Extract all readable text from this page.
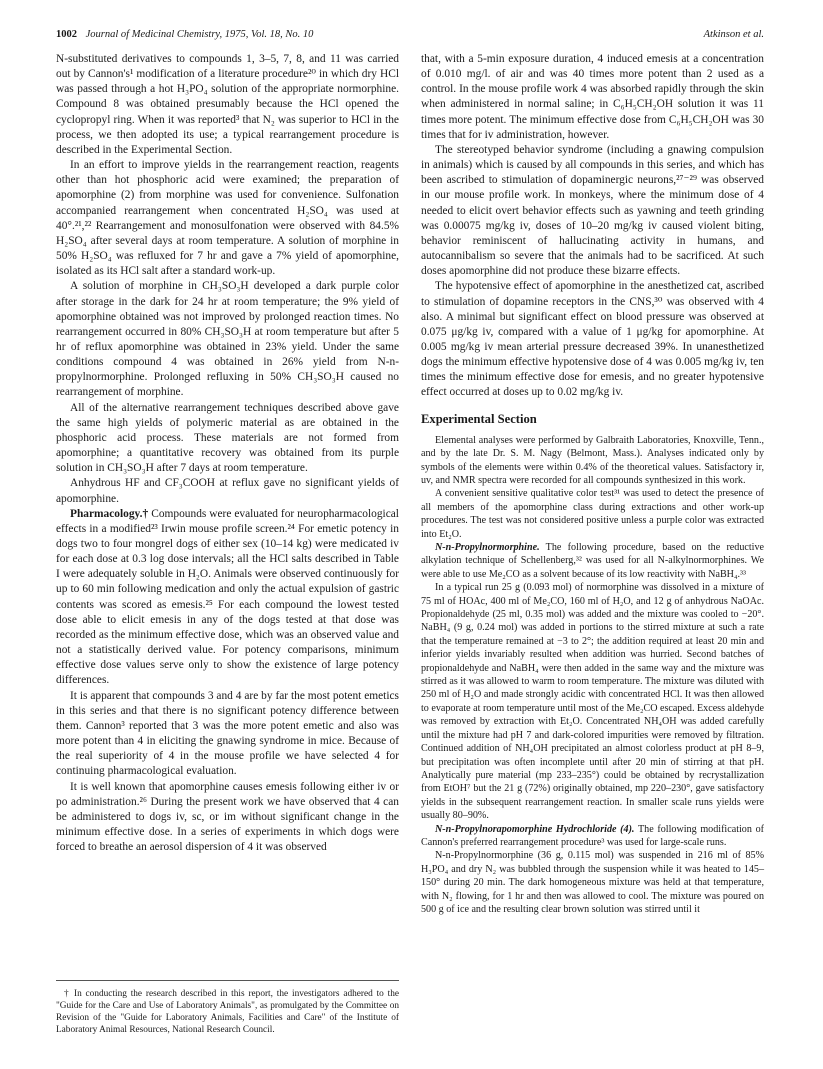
1002 Journal of Medicinal Chemistry, 1975, Vol. 18, No. 10	Atkinson et al.

N-substituted derivatives to compounds 1, 3–5, 7, 8, and 11 was carried out by Cannon's¹ modification of a literature procedure²⁰ in which dry HCl was passed through a hot H₃PO₄ solution of the appropriate normorphine. Compound 8 was obtained presumably because the HCl opened the cyclopropyl ring. When it was reported³ that N₂ was superior to HCl in the process, we then adopted its use; a typical rearrangement procedure is described in the Experimental Section.

In an effort to improve yields in the rearrangement reaction, reagents other than hot phosphoric acid were examined; the preparation of apomorphine (2) from morphine was used for convenience. Sulfonation accompanied rearrangement when concentrated H₂SO₄ was used at 40°.²¹,²² Rearrangement and monosulfonation were observed with 84.5% H₂SO₄ after several days at room temperature. A solution of morphine in 50% H₂SO₄ was refluxed for 7 hr and gave a 7% yield of apomorphine, isolated as its HCl salt after a standard work-up.

A solution of morphine in CH₃SO₃H developed a dark purple color after storage in the dark for 24 hr at room temperature; the 9% yield of apomorphine obtained was not improved by prolonged reaction times. No rearrangement occurred in 80% CH₃SO₃H at room temperature but after 5 hr of reflux apomorphine was obtained in 23% yield. Under the same conditions compound 4 was obtained in 26% yield from N-n-propylnormorphine. Prolonged refluxing in 50% CH₃SO₃H caused no rearrangement of morphine.

All of the alternative rearrangement techniques described above gave the same high yields of polymeric material as are obtained in the phosphoric acid process. These materials are not formed from apomorphine; a quantitative recovery was obtained from its purple solution in CH₃SO₃H after 7 days at room temperature.

Anhydrous HF and CF₃COOH at reflux gave no significant yields of apomorphine.

Pharmacology.† Compounds were evaluated for neuropharmacological effects in a modified²³ Irwin mouse profile screen.²⁴ For emetic potency in dogs two to four mongrel dogs of either sex (10–14 kg) were medicated iv for each dose at 0.3 log dose intervals; all the HCl salts described in Table I were adequately soluble in H₂O. Animals were observed continuously for up to 60 min following medication and only the actual expulsion of gastric contents was scored as emesis.²⁵ For each compound the lowest tested dose able to elicit emesis in any of the dogs tested at that dose was recorded as the minimum effective dose, which was an observed value and not a statistically derived value. For potency comparisons, minimum effective dose values serve only to show the existence of large potency differences.

It is apparent that compounds 3 and 4 are by far the most potent emetics in this series and that there is no significant potency difference between them. Cannon³ reported that 3 was the more potent emetic and also was more potent than 4 in eliciting the gnawing syndrome in mice. Because of the real superiority of 4 in the mouse profile we have selected 4 for continuing pharmacological evaluation.

It is well known that apomorphine causes emesis following either iv or po administration.²⁶ During the present work we have observed that 4 can be administered to dogs iv, sc, or im without significant change in the minimum effective dose. In a series of experiments in which dogs were forced to breathe an aerosol dispersion of 4 it was observed

† In conducting the research described in this report, the investigators adhered to the "Guide for the Care and Use of Laboratory Animals", as promulgated by the Committee on Revision of the "Guide for Laboratory Animals, Facilities and Care" of the Institute of Laboratory Animal Resources, National Research Council.

that, with a 5-min exposure duration, 4 induced emesis at a concentration of 0.010 mg/l. of air and was 40 times more potent than 2 used as a control. In the mouse profile work 4 was absorbed rapidly through the skin when administered in normal saline; in C₆H₅CH₂OH solution it was 11 times more potent. The minimum effective dose from C₆H₅CH₂OH was 30 times that for iv administration, however.

The stereotyped behavior syndrome (including a gnawing compulsion in animals) which is caused by all compounds in this series, and which has been ascribed to stimulation of dopaminergic neurons,²⁷⁻²⁹ was observed in our mouse profile work. In monkeys, where the minimum dose of 4 needed to elicit overt behavior effects such as yawning and teeth grinding was 0.00075 mg/kg iv, doses of 10–20 mg/kg iv caused violent biting, behavior reminiscent of hallucinating activity in humans, and autocannibalism so severe that the animals had to be sacrificed. At such doses apomorphine did not produce these bizarre effects.

The hypotensive effect of apomorphine in the anesthetized cat, ascribed to stimulation of dopamine receptors in the CNS,³⁰ was observed with 4 also. A minimal but significant effect on blood pressure was observed at 0.075 μg/kg iv, compared with a value of 1 μg/kg for apomorphine. At 0.005 mg/kg iv mean arterial pressure decreased 39%. In unanesthetized dogs the minimum effective hypotensive dose of 4 was 0.005 mg/kg iv, ten times the minimum effective dose for emesis, and no greater hypotensive effect occurred at doses up to 0.02 mg/kg iv.

Experimental Section

Elemental analyses were performed by Galbraith Laboratories, Knoxville, Tenn., and by the late Dr. S. M. Nagy (Belmont, Mass.). Analyses indicated only by symbols of the elements were within 0.4% of the theoretical values. Satisfactory ir, uv, and NMR spectra were recorded for all compounds synthesized in this work.

A convenient sensitive qualitative color test³¹ was used to detect the presence of all members of the apomorphine class during extractions and other work-up procedures. The test was not considered positive unless a purple color was extracted into Et₂O.

N-n-Propylnormorphine. The following procedure, based on the reductive alkylation technique of Schellenberg,³² was used for all N-alkylnormorphines. We were able to use Me₂CO as a solvent because of its low reactivity with NaBH₄.³³

In a typical run 25 g (0.093 mol) of normorphine was dissolved in a mixture of 75 ml of HOAc, 400 ml of Me₂CO, 160 ml of H₂O, and 12 g of anhydrous NaOAc. Propionaldehyde (25 ml, 0.35 mol) was added and the mixture was cooled to −20°. NaBH₄ (9 g, 0.24 mol) was added in portions to the stirred mixture at such a rate that the temperature remained at −3 to 2°; the addition required at least 20 min and inferior yields invariably resulted when addition was hurried. Second batches of propionaldehyde and NaBH₄ were then added in the same way and the mixture was stirred as it was allowed to warm to room temperature. The mixture was diluted with 250 ml of H₂O and made strongly acidic with concentrated HCl. It was then allowed to evaporate at room temperature until most of the Me₂CO escaped. Excess aldehyde was removed by extraction with Et₂O. Concentrated NH₄OH was added carefully until the mixture had pH 7 and dark-colored impurities were removed by filtration. Continued addition of NH₄OH precipitated an almost colorless product at pH 8–9, but precipitation was often incomplete until after 20 min of stirring at that pH. Analytically pure material (mp 233–235°) could be obtained by recrystallization from EtOH⁷ but the 21 g (72%) originally obtained, mp 220–230°, gave satisfactory yields in the subsequent rearrangement reaction. In smaller scale runs yields were usually 80–90%.

N-n-Propylnorapomorphine Hydrochloride (4). The following modification of Cannon's preferred rearrangement procedure³ was used for large-scale runs.

N-n-Propylnormorphine (36 g, 0.115 mol) was suspended in 216 ml of 85% H₃PO₄ and dry N₂ was bubbled through the suspension while it was heated to 145–150° during 20 min. The dark homogeneous mixture was held at that temperature, with N₂ flowing, for 1 hr and then was allowed to cool. The mixture was poured on 500 g of ice and the resulting clear brown solution was stirred until it
